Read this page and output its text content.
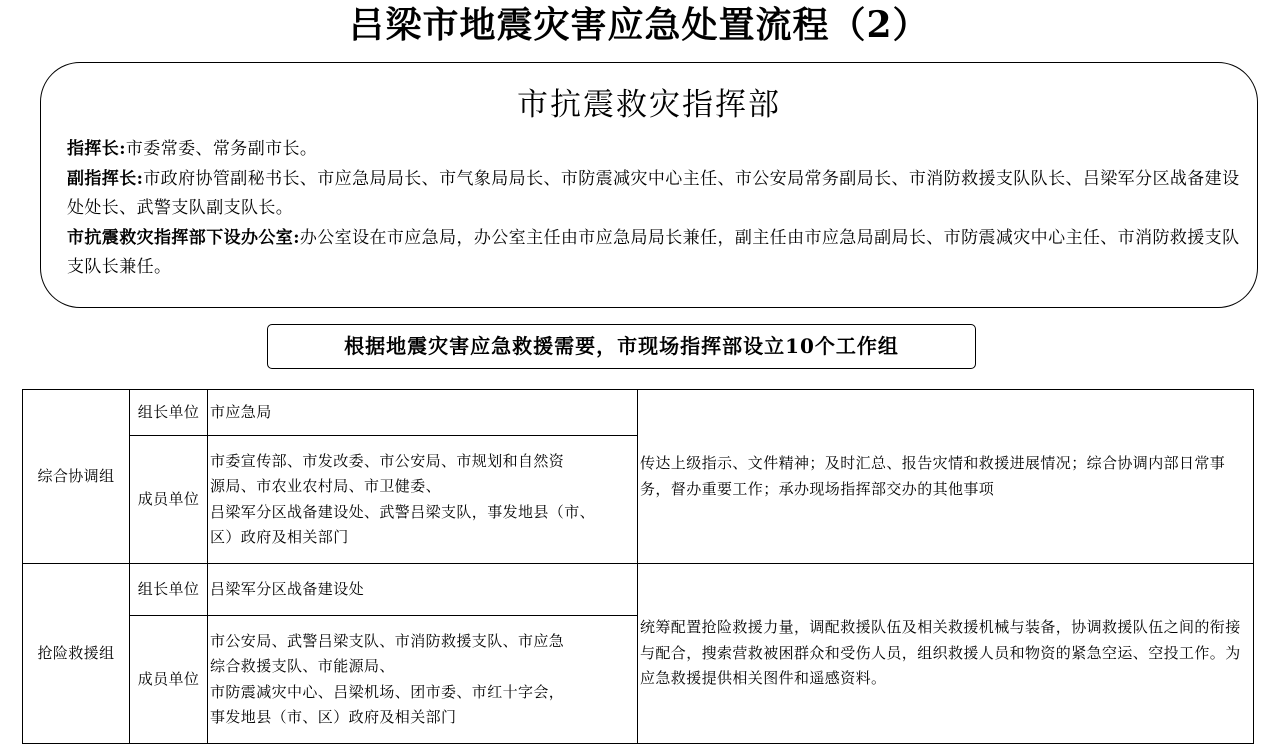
吕梁市地震灾害应急处置流程（2）
市抗震救灾指挥部

指挥长:市委常委、常务副市长。

副指挥长:市政府协管副秘书长、市应急局局长、市气象局局长、市防震减灾中心主任、市公安局常务副局长、市消防救援支队队长、吕梁军分区战备建设处处长、武警支队副支队长。

市抗震救灾指挥部下设办公室:办公室设在市应急局，办公室主任由市应急局局长兼任，副主任由市应急局副局长、市防震减灾中心主任、市消防救援支队支队长兼任。

根据地震灾害应急救援需要，市现场指挥部设立10个工作组
综合协调组	组长单位	市应急局	传达上级指示、文件精神；及时汇总、报告灾情和救援进展情况；综合协调内部日常事务，督办重要工作；承办现场指挥部交办的其他事项
	成员单位	市委宣传部、市发改委、市公安局、市规划和自然资
源局、市农业农村局、市卫健委、
吕梁军分区战备建设处、武警吕梁支队，事发地县（市、
区）政府及相关部门	

抢险救援组	组长单位	吕梁军分区战备建设处	统筹配置抢险救援力量，调配救援队伍及相关救援机械与装备，协调救援队伍之间的衔接与配合，搜索营救被困群众和受伤人员，组织救援人员和物资的紧急空运、空投工作。为应急救援提供相关图件和遥感资料。
	成员单位	市公安局、武警吕梁支队、市消防救援支队、市应急
综合救援支队、市能源局、
市防震减灾中心、吕梁机场、团市委、市红十字会，
事发地县（市、区）政府及相关部门	
